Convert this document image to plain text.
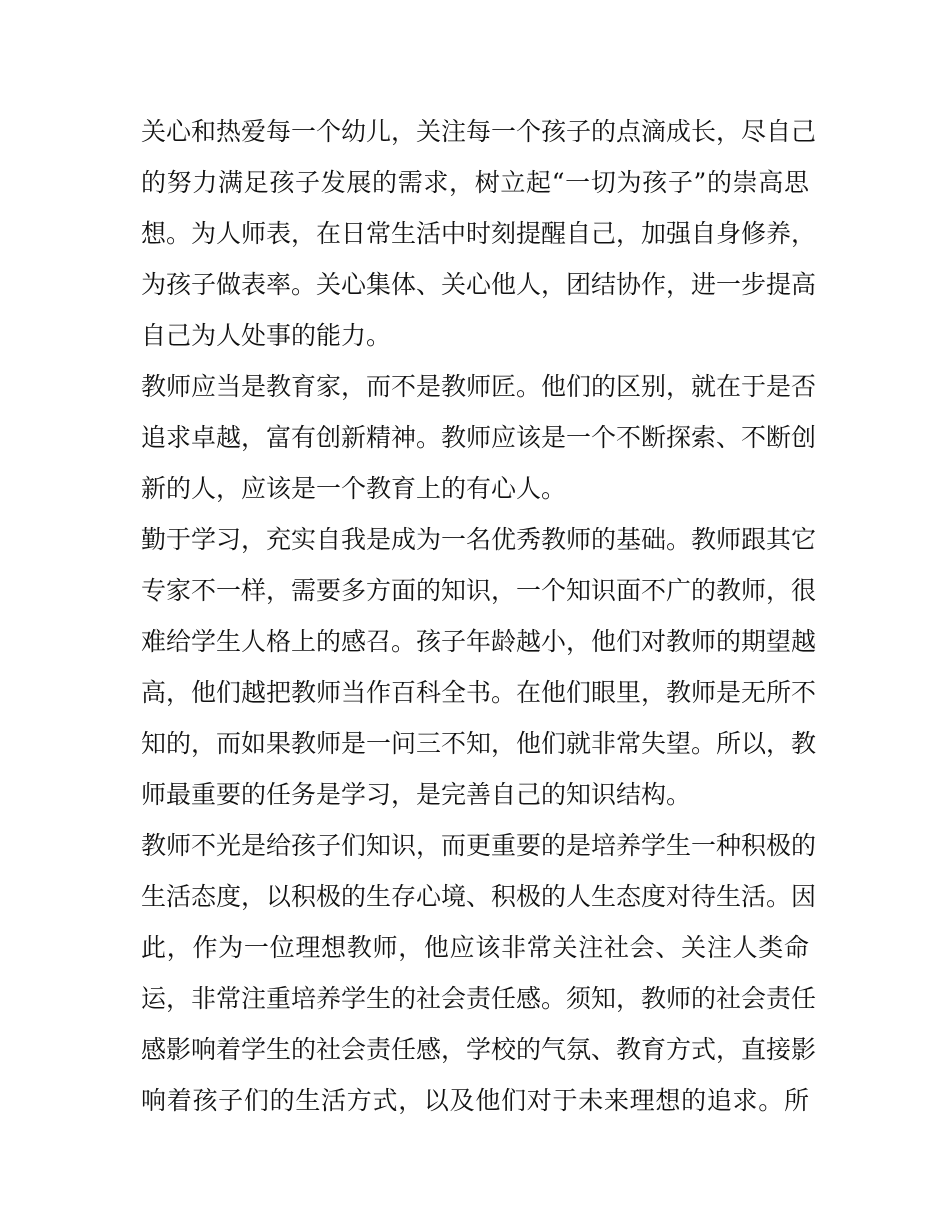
关心和热爱每一个幼儿，关注每一个孩子的点滴成长，尽自己
的努力满足孩子发展的需求，树立起“一切为孩子”的崇高思
想。为人师表，在日常生活中时刻提醒自己，加强自身修养，
为孩子做表率。关心集体、关心他人，团结协作，进一步提高
自己为人处事的能力。
教师应当是教育家，而不是教师匠。他们的区别，就在于是否
追求卓越，富有创新精神。教师应该是一个不断探索、不断创
新的人，应该是一个教育上的有心人。
勤于学习，充实自我是成为一名优秀教师的基础。教师跟其它
专家不一样，需要多方面的知识，一个知识面不广的教师，很
难给学生人格上的感召。孩子年龄越小，他们对教师的期望越
高，他们越把教师当作百科全书。在他们眼里，教师是无所不
知的，而如果教师是一问三不知，他们就非常失望。所以，教
师最重要的任务是学习，是完善自己的知识结构。
教师不光是给孩子们知识，而更重要的是培养学生一种积极的
生活态度，以积极的生存心境、积极的人生态度对待生活。因
此，作为一位理想教师，他应该非常关注社会、关注人类命
运，非常注重培养学生的社会责任感。须知，教师的社会责任
感影响着学生的社会责任感，学校的气氛、教育方式，直接影
响着孩子们的生活方式，以及他们对于未来理想的追求。所
